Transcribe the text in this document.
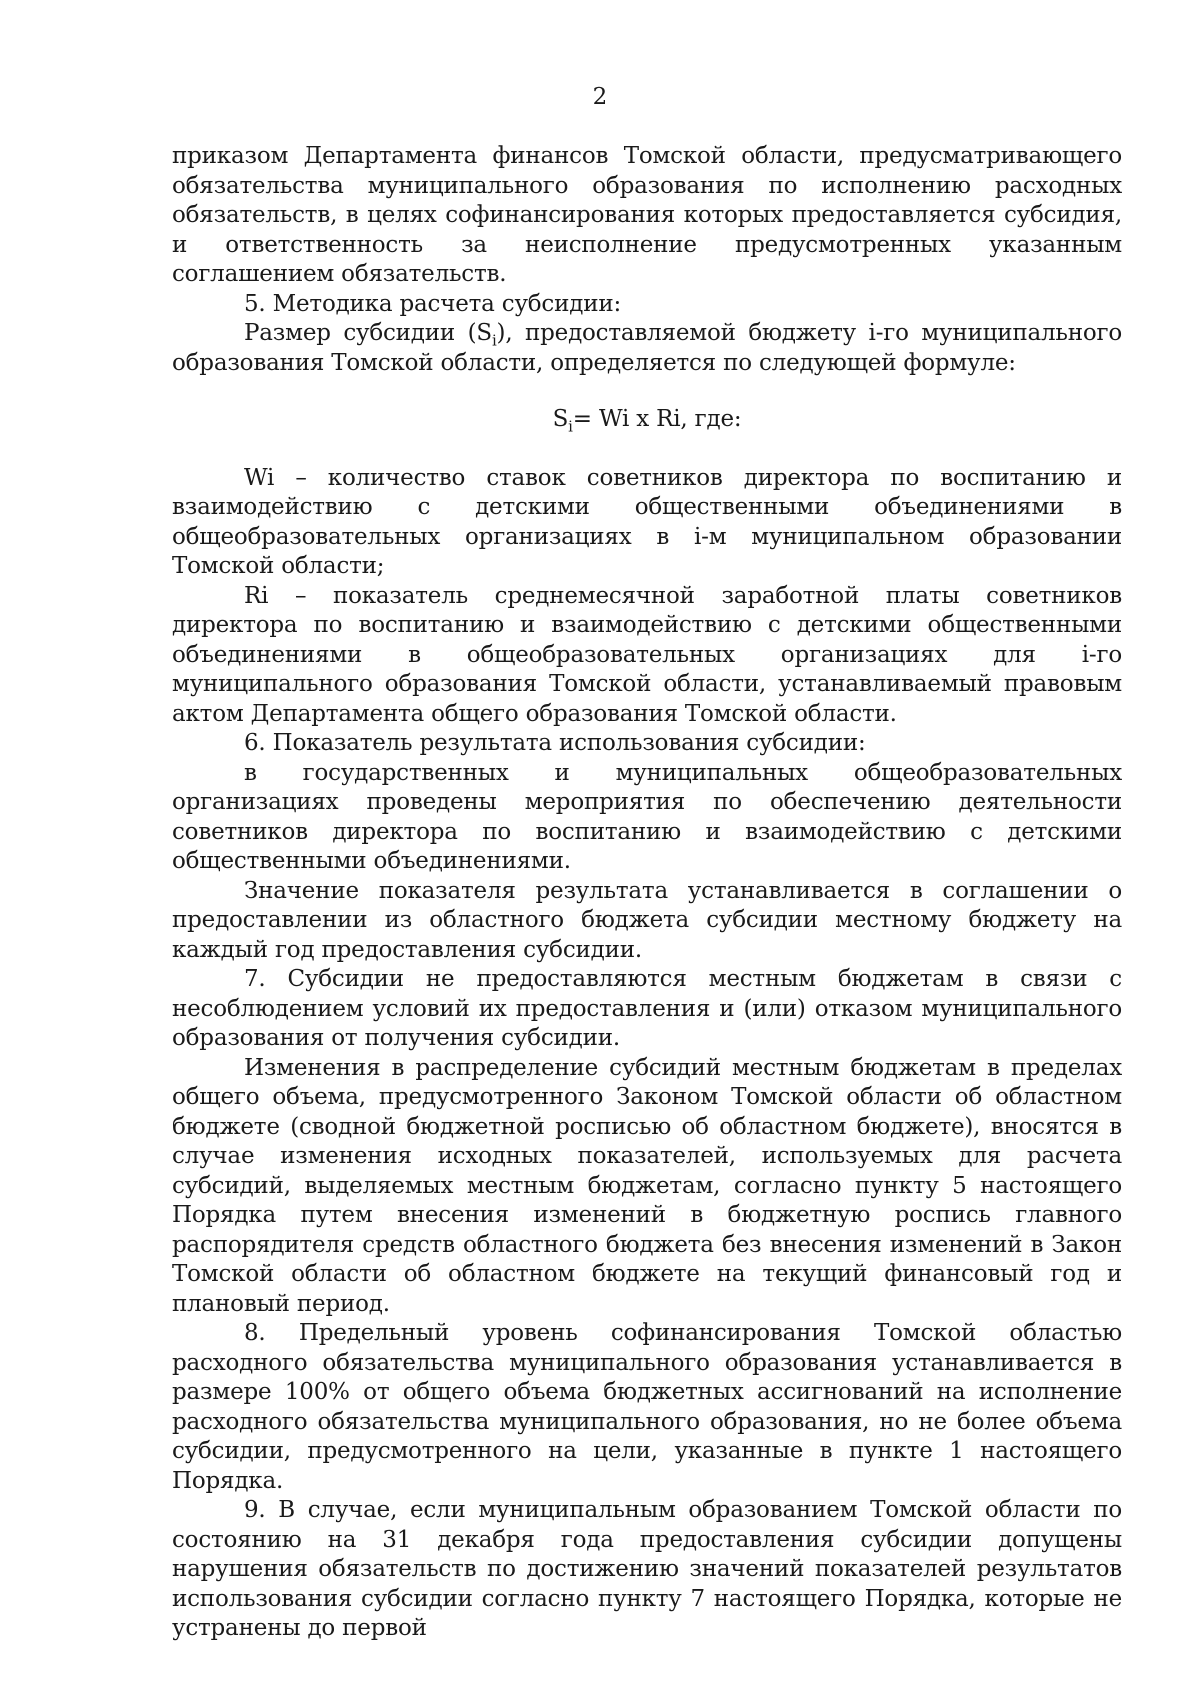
2

приказом Департамента финансов Томской области, предусматривающего обязательства муниципального образования по исполнению расходных обязательств, в целях софинансирования которых предоставляется субсидия, и ответственность за неисполнение предусмотренных указанным соглашением обязательств.

5. Методика расчета субсидии:

Размер субсидии $(S_i)$, предоставляемой бюджету i-го муниципального образования Томской области, определяется по следующей формуле:

$S_i= Wi$ x Ri, где:

Wi – количество ставок советников директора по воспитанию и взаимодействию с детскими общественными объединениями в общеобразовательных организациях в i-м муниципальном образовании Томской области;

Ri – показатель среднемесячной заработной платы советников директора по воспитанию и взаимодействию с детскими общественными объединениями в общеобразовательных организациях для i-го муниципального образования Томской области, устанавливаемый правовым актом Департамента общего образования Томской области.

6. Показатель результата использования субсидии:

в государственных и муниципальных общеобразовательных организациях проведены мероприятия по обеспечению деятельности советников директора по воспитанию и взаимодействию с детскими общественными объединениями.

Значение показателя результата устанавливается в соглашении о предоставлении из областного бюджета субсидии местному бюджету на каждый год предоставления субсидии.

7. Субсидии не предоставляются местным бюджетам в связи с несоблюдением условий их предоставления и (или) отказом муниципального образования от получения субсидии.

Изменения в распределение субсидий местным бюджетам в пределах общего объема, предусмотренного Законом Томской области об областном бюджете (сводной бюджетной росписью об областном бюджете), вносятся в случае изменения исходных показателей, используемых для расчета субсидий, выделяемых местным бюджетам, согласно пункту 5 настоящего Порядка путем внесения изменений в бюджетную роспись главного распорядителя средств областного бюджета без внесения изменений в Закон Томской области об областном бюджете на текущий финансовый год и плановый период.

8. Предельный уровень софинансирования Томской областью расходного обязательства муниципального образования устанавливается в размере 100% от общего объема бюджетных ассигнований на исполнение расходного обязательства муниципального образования, но не более объема субсидии, предусмотренного на цели, указанные в пункте 1 настоящего Порядка.

9. В случае, если муниципальным образованием Томской области по состоянию на 31 декабря года предоставления субсидии допущены нарушения обязательств по достижению значений показателей результатов использования субсидии согласно пункту 7 настоящего Порядка, которые не устранены до первой
